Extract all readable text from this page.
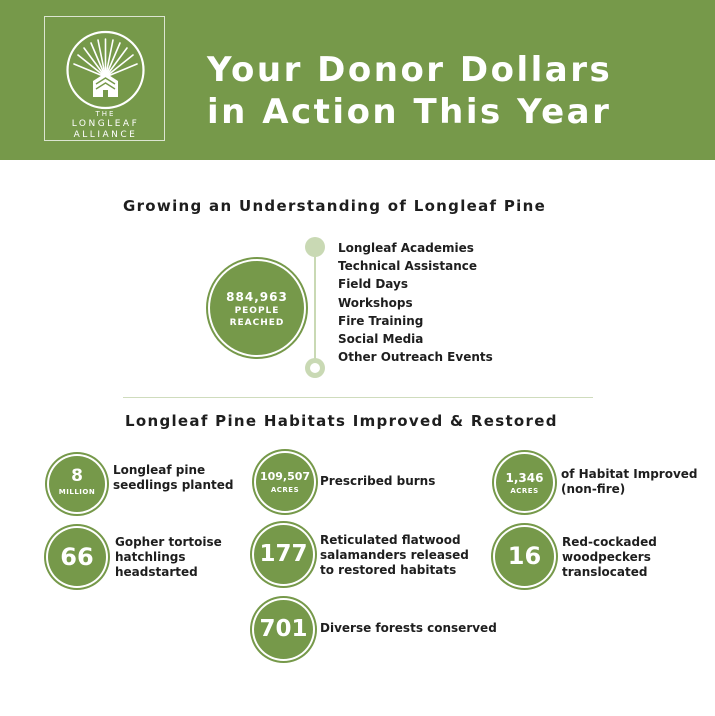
THE
LONGLEAF
ALLIANCE
Your Donor Dollars
in Action This Year
Growing an Understanding of Longleaf Pine
884,963
PEOPLE
REACHED
Longleaf Academies
Technical Assistance
Field Days
Workshops
Fire Training
Social Media
Other Outreach Events
Longleaf Pine Habitats Improved & Restored
8
MILLION
Longleaf pine
seedlings planted
109,507
ACRES
Prescribed burns	1,346
ACRES
of Habitat Improved
(non-fire)
66
Gopher tortoise
hatchlings
headstarted
177
Reticulated flatwood
salamanders released
to restored habitats	16	Red-cockaded
woodpeckers
translocated
701	Diverse forests conserved
